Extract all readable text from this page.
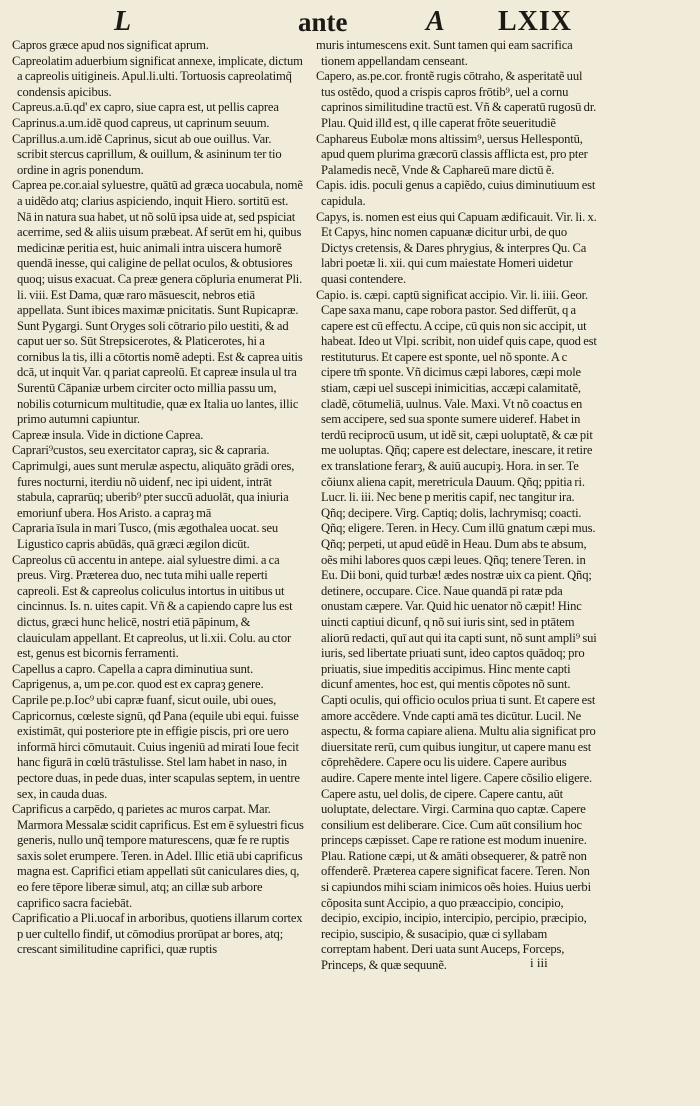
L	ante	A LXIX

Capros græce apud nos significat aprum.

Capreolatim aduerbium significat annexe, implicate, dictum a capreolis uitigineis. Apul.li.ulti. Tortuosis capreolatimq̃ condensis apicibus.

Capreus.a.ū.qd' ex capro, siue capra est, ut pellis caprea

Caprinus.a.um.idẽ quod capreus, ut caprinum seuum.

Caprillus.a.um.idẽ Caprinus, sicut ab oue ouillus. Var. scribit stercus caprillum, & ouillum, & asininum ter tio ordine in agris ponendum.

Caprea pe.cor.aial syluestre, quātū ad græca uocabula, nomẽ a uidẽdo atq; clarius aspiciendo, inquit Hiero. sortitū est. Nā in natura sua habet, ut nõ solū ipsa uide at, sed pspiciat acerrime, sed & aliis uisum præbeat. Af serūt em hi, quibus medicinæ peritia est, huic animali intra uiscera humorẽ quendā inesse, qui caligine de pellat oculos, & obtusiores quoq; uisus exacuat. Ca preæ genera cōpluria enumerat Pli. li. viii. Est Dama, quæ raro māsuescit, nebros etiā appellata. Sunt ibices maximæ pnicitatis. Sunt Rupicapræ. Sunt Pygargi. Sunt Oryges soli cōtrario pilo uestiti, & ad caput uer so. Sūt Strepsicerotes, & Platicerotes, hi a cornibus la tis, illi a cōtortis nomẽ adepti. Est & caprea uitis dcā, ut inquit Var. q pariat capreolū. Et capreæ insula ul tra Surentū Cāpaniæ urbem circiter octo millia passu um, nobilis coturnicum multitudie, quæ ex Italia uo lantes, illic primo autumni capiuntur.

Capreæ insula. Vide in dictione Caprea.

Caprari⁹custos, seu exercitator capraȝ, sic & capraria.

Caprimulgi, aues sunt merulæ aspectu, aliquāto grādi ores, fures nocturni, iterdiu nõ uidenf, nec ipi uident, intrāt stabula, caprarūq; uberib⁹ pter succū aduolāt, qua iniuria emoriunf ubera. Hos Aristo. a capraȝ mā

Capraria īsula in mari Tusco, (mis ægothalea uocat. seu Ligustico capris abūdās, quā græci ægilon dicūt.

Capreolus cū accentu in antepe. aial syluestre dimi. a ca preus. Virg. Præterea duo, nec tuta mihi ualle reperti capreoli. Est & capreolus coliculus intortus in uitibus ut cincinnus. Is. n. uites capit. Vñ & a capiendo capre lus est dictus, græci hunc helicē, nostri etiā pāpinum, & clauiculam appellant. Et capreolus, ut li.xii. Colu. au ctor est, genus est bicornis ferramenti.

Capellus a capro. Capella a capra diminutiua sunt.

Caprigenus, a, um pe.cor. quod est ex capraȝ genere.

Caprile pe.p.Ioc⁹ ubi capræ fuanf, sicut ouile, ubi oues,

Capricornus, cœleste signū, qđ Pana (equile ubi equi. fuisse existimāt, qui posteriore pte in effigie piscis, pri ore uero informā hirci cōmutauit. Cuius ingeniū ad mirati Ioue fecit hanc figurā in cœlū trāstulisse. Stel lam habet in naso, in pectore duas, in pede duas, inter scapulas septem, in uentre sex, in cauda duas.

Caprificus a carpēdo, q parietes ac muros carpat. Mar. Marmora Messalæ scidit caprificus. Est em ē syluestri ficus generis, nullo unq̃ tempore maturescens, quæ fe re ruptis saxis solet erumpere. Teren. in Adel. Illic etiā ubi caprificus magna est. Caprifici etiam appellati sūt caniculares dies, q, eo fere tēpore liberæ simul, atq; an cillæ sub arbore caprifico sacra faciebāt.

Caprificatio a Pli.uocaf in arboribus, quotiens illarum cortex p uer cultello findif, ut cōmodius prorūpat ar bores, atq; crescant similitudine caprifici, quæ ruptis

muris intumescens exit. Sunt tamen qui eam sacrifica tionem appellandam censeant.

Capero, as.pe.cor. frontẽ rugis cōtraho, & asperitatẽ uul tus ostẽdo, quod a crispis capros frōtib⁹, uel a cornu caprinos similitudine tractū est. Vñ & caperatū rugosū dr. Plau. Quid illđ est, q ille caperat frõte seueritudiẽ

Caphareus Eubolæ mons altissim⁹, uersus Hellespontū, apud quem plurima græcorū classis afflicta est, pro pter Palamedis necẽ, Vnde & Caphareū mare dictū ẽ.

Capis. idis. poculi genus a capiẽdo, cuius diminutiuum est capidula.

Capys, is. nomen est eius qui Capuam ædificauit. Vir. li. x. Et Capys, hinc nomen capuanæ dicitur urbi, de quo Dictys cretensis, & Dares phrygius, & interpres Qu. Ca labri poetæ li. xii. qui cum maiestate Homeri uidetur quasi contendere.

Capio. is. cæpi. captū significat accipio. Vir. li. iiii. Geor. Cape saxa manu, cape robora pastor. Sed differūt, q a capere est cū effectu. A ccipe, cū quis non sic accipit, ut habeat. Ideo ut Vlpi. scribit, non uidef quis cape, quod est restituturus. Et capere est sponte, uel nõ sponte. A c cipere tm̄ sponte. Vñ dicimus cæpi labores, cæpi mole stiam, cæpi uel suscepi inimicitias, accæpi calamitatẽ, cladẽ, cōtumeliā, uulnus. Vale. Maxi. Vt nõ coactus en sem accipere, sed sua sponte sumere uideref. Habet in terdū reciprocū usum, ut idẽ sit, cæpi uoluptatẽ, & cæ pit me uoluptas. Qñq; capere est delectare, inescare, it retire ex translatione ferarȝ, & auiū aucupiȝ. Hora. in ser. Te cõiunx aliena capit, meretricula Dauum. Qñq; ppitia ri. Lucr. li. iii. Nec bene p meritis capif, nec tangitur ira. Qñq; decipere. Virg. Captiq; dolis, lachrymisq; coacti. Qñq; eligere. Teren. in Hecy. Cum illū gnatum cæpi mus. Qñq; perpeti, ut apud eūdẽ in Heau. Dum abs te absum, oẽs mihi labores quos cæpi leues. Qñq; tenere Teren. in Eu. Dii boni, quid turbæ! ædes nostræ uix ca pient. Qñq; detinere, occupare. Cice. Naue quandā pi ratæ pda onustam cæpere. Var. Quid hic uenator nõ cæpit! Hinc uincti captiui dicunf, q nõ sui iuris sint, sed in ptātem aliorū redacti, quī aut qui ita capti sunt, nõ sunt ampli⁹ sui iuris, sed libertate priuati sunt, ideo captos quādoq; pro priuatis, siue impeditis accipimus. Hinc mente capti dicunf amentes, hoc est, qui mentis cõpotes nõ sunt. Capti oculis, qui officio oculos priua ti sunt. Et capere est amore accẽdere. Vnde capti amā tes dicūtur. Lucil. Ne aspectu, & forma capiare aliena. Multu alia significat pro diuersitate rerū, cum quibus iungitur, ut capere manu est cōprehẽdere. Capere ocu lis uidere. Capere auribus audire. Capere mente intel ligere. Capere cõsilio eligere. Capere astu, uel dolis, de cipere. Capere cantu, aūt uoluptate, delectare. Virgi. Carmina quo captæ. Capere consilium est deliberare. Cice. Cum aūt consilium hoc princeps cæpisset. Cape re ratione est modum inuenire. Plau. Ratione cæpi, ut & amāti obsequerer, & patrẽ non offenderẽ. Præterea capere significat facere. Teren. Non si capiundos mihi sciam inimicos oẽs hoies. Huius uerbi cõposita sunt Accipio, a quo præaccipio, concipio, decipio, excipio, incipio, intercipio, percipio, præcipio, recipio, suscipio, & susacipio, quæ ci syllabam correptam habent. Deri uata sunt Auceps, Forceps, Princeps, & quæ sequunẽ.	i iii
